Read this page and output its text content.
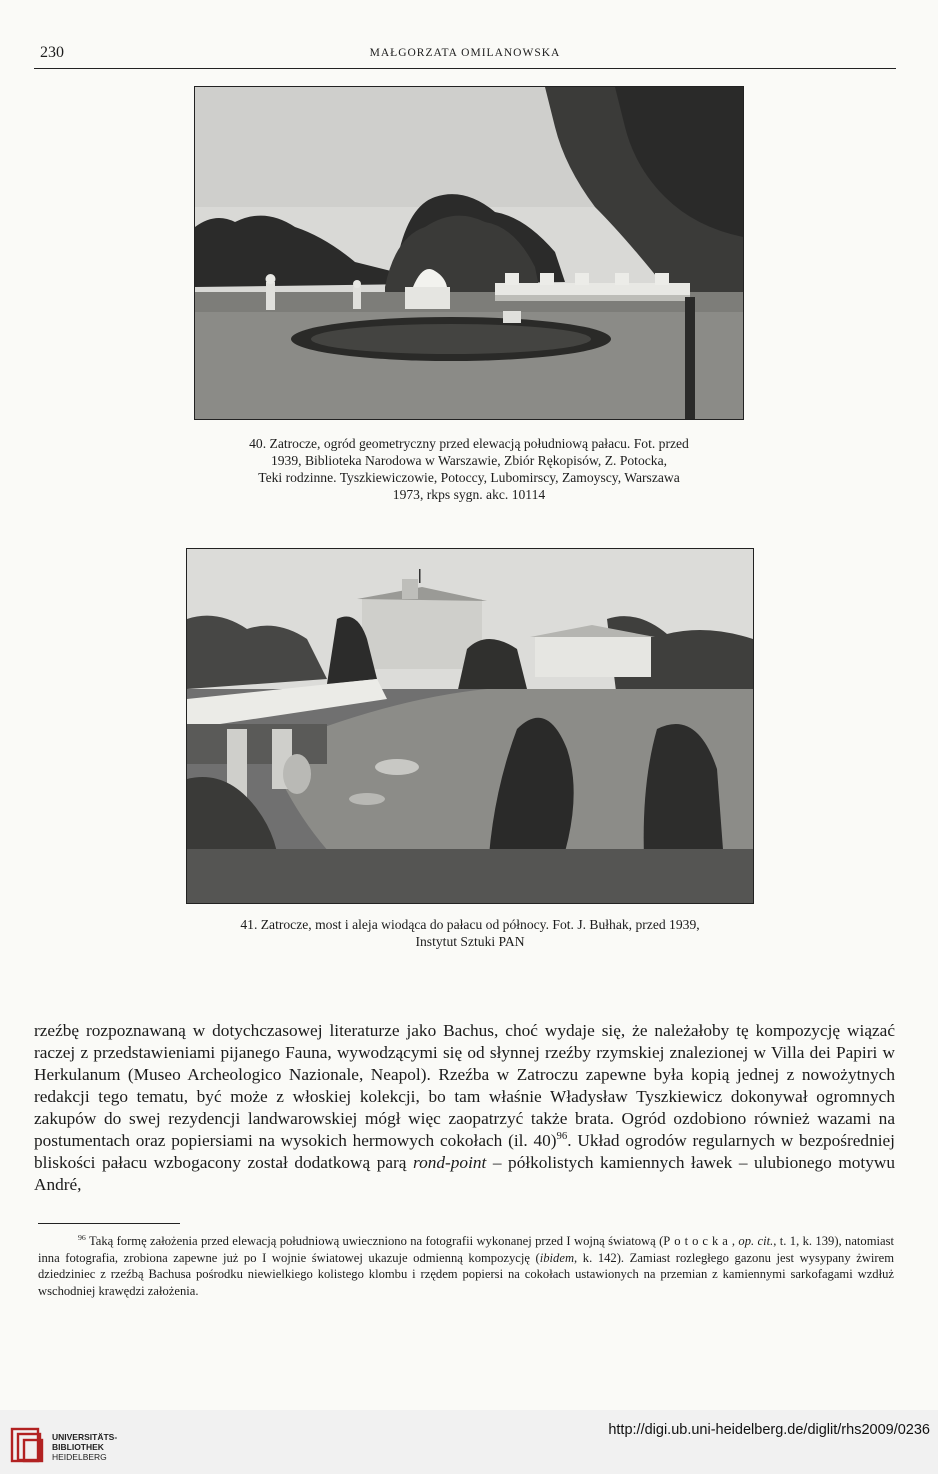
230	MAŁGORZATA OMILANOWSKA
40. Zatrocze, ogród geometryczny przed elewacją południową pałacu. Fot. przed
1939, Biblioteka Narodowa w Warszawie, Zbiór Rękopisów, Z. Potocka,
Teki rodzinne. Tyszkiewiczowie, Potoccy, Lubomirscy, Zamoyscy, Warszawa
1973, rkps sygn. akc. 10114
41. Zatrocze, most i aleja wiodąca do pałacu od północy. Fot. J. Bułhak, przed 1939,
Instytut Sztuki PAN
rzeźbę rozpoznawaną w dotychczasowej literaturze jako Bachus, choć wydaje się, że należałoby tę kompozycję wiązać raczej z przedstawieniami pijanego Fauna, wywodzącymi się od słynnej rzeźby rzymskiej znalezionej w Villa dei Papiri w Herkulanum (Museo Archeologico Nazionale, Neapol). Rzeźba w Zatroczu zapewne była kopią jednej z nowożytnych redakcji tego tematu, być może z włoskiej kolekcji, bo tam właśnie Władysław Tyszkiewicz dokonywał ogromnych zakupów do swej rezydencji landwarowskiej mógł więc zaopatrzyć także brata. Ogród ozdobiono również wazami na postumentach oraz popiersiami na wysokich hermowych cokołach (il. 40)$^{96}$. Układ ogrodów regularnych w bezpośredniej bliskości pałacu wzbogacony został dodatkową parą rond-point – półkolistych kamiennych ławek – ulubionego motywu André,
$^{96}$ Taką formę założenia przed elewacją południową uwieczniono na fotografii wykonanej przed I wojną światową (Potocka, op. cit., t. 1, k. 139), natomiast inna fotografia, zrobiona zapewne już po I wojnie światowej ukazuje odmienną kompozycję (ibidem, k. 142). Zamiast rozległego gazonu jest wysypany żwirem dziedziniec z rzeźbą Bachusa pośrodku niewielkiego kolistego klombu i rzędem popiersi na cokołach ustawionych na przemian z kamiennymi sarkofagami wzdłuż wschodniej krawędzi założenia.
UNIVERSITÄTS-
BIBLIOTHEK
HEIDELBERG
http://digi.ub.uni-heidelberg.de/diglit/rhs2009/0236
